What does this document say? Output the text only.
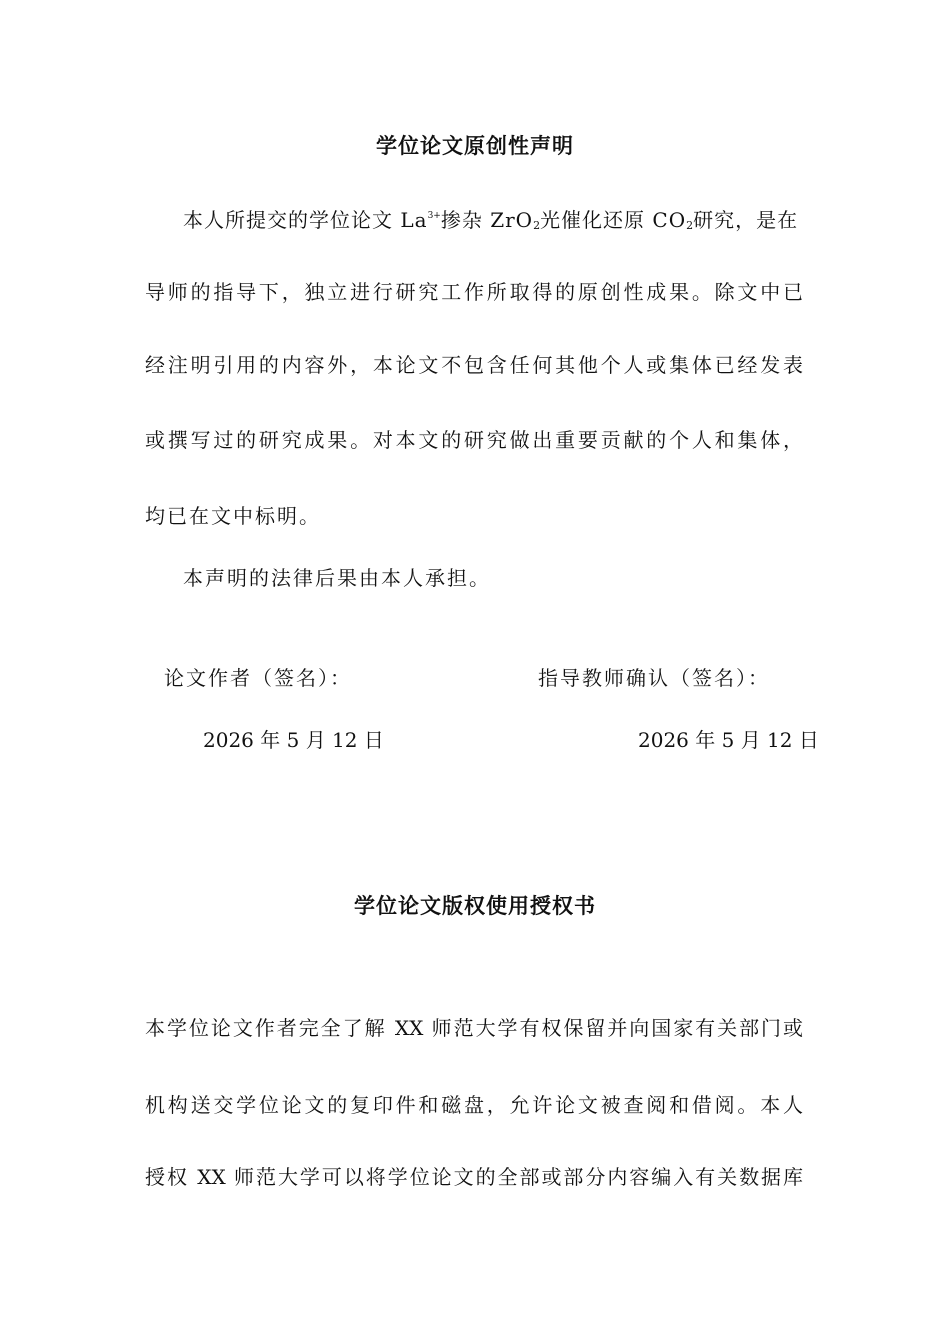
学位论文原创性声明
本人所提交的学位论文 $La^{3+}$掺杂 ZrO$_2$光催化还原 $CO_2$研究，是在
导师的指导下，独立进行研究工作所取得的原创性成果。除文中已
经注明引用的内容外，本论文不包含任何其他个人或集体已经发表
或撰写过的研究成果。对本文的研究做出重要贡献的个人和集体，
均已在文中标明。
本声明的法律后果由本人承担。
论文作者（签名）：	指导教师确认（签名）：
2026 年 5 月 12 日	2026 年 5 月 12 日
学位论文版权使用授权书
本学位论文作者完全了解 XX 师范大学有权保留并向国家有关部门或
机构送交学位论文的复印件和磁盘，允许论文被查阅和借阅。本人
授权 XX 师范大学可以将学位论文的全部或部分内容编入有关数据库
